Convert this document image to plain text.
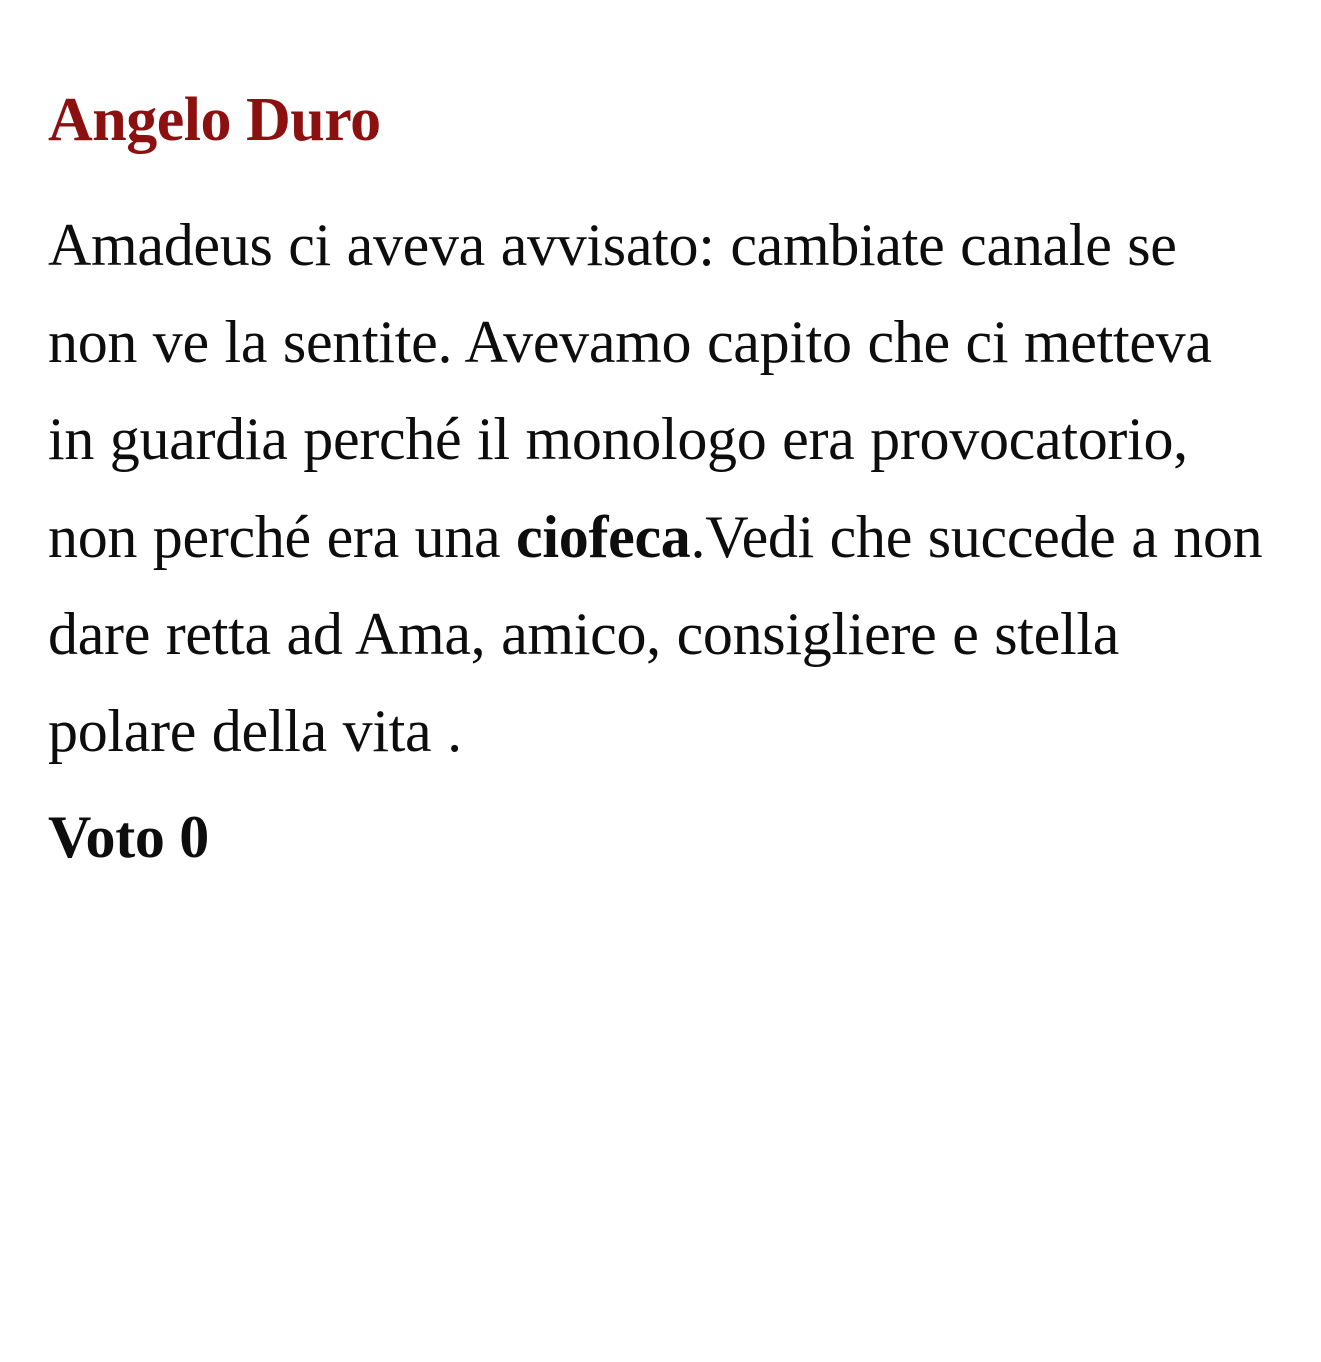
Angelo Duro

Amadeus ci aveva avvisato: cambiate canale se non ve la sentite. Avevamo capito che ci metteva in guardia perché il monologo era provocatorio, non perché era una ciofeca.Vedi che succede a non dare retta ad Ama, amico, consigliere e stella polare della vita .

Voto 0
